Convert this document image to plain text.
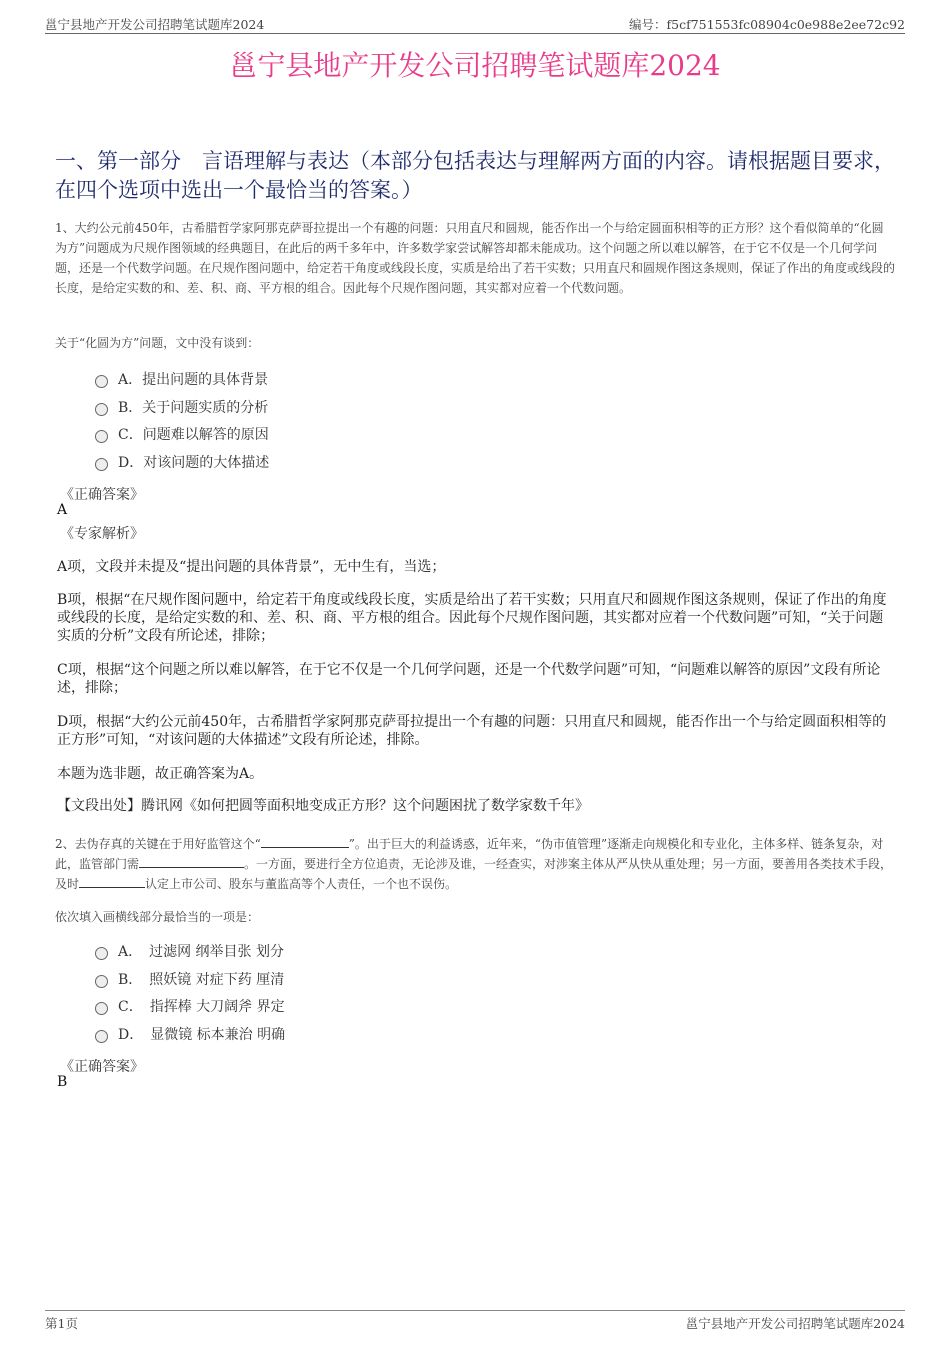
邕宁县地产开发公司招聘笔试题库2024	编号：f5cf751553fc08904c0e988e2ee72c92
邕宁县地产开发公司招聘笔试题库2024
一、第一部分　言语理解与表达（本部分包括表达与理解两方面的内容。请根据题目要求，在四个选项中选出一个最恰当的答案。）
1、大约公元前450年，古希腊哲学家阿那克萨哥拉提出一个有趣的问题：只用直尺和圆规，能否作出一个与给定圆面积相等的正方形？这个看似简单的“化圆为方”问题成为尺规作图领域的经典题目，在此后的两千多年中，许多数学家尝试解答却都未能成功。这个问题之所以难以解答，在于它不仅是一个几何学问题，还是一个代数学问题。在尺规作图问题中，给定若干角度或线段长度，实质是给出了若干实数；只用直尺和圆规作图这条规则，保证了作出的角度或线段的长度，是给定实数的和、差、积、商、平方根的组合。因此每个尺规作图问题，其实都对应着一个代数问题。
关于“化圆为方”问题，文中没有谈到：
A．提出问题的具体背景
B．关于问题实质的分析
C．问题难以解答的原因
D．对该问题的大体描述
《正确答案》
A
《专家解析》
A项，文段并未提及“提出问题的具体背景”，无中生有，当选；
B项，根据“在尺规作图问题中，给定若干角度或线段长度，实质是给出了若干实数；只用直尺和圆规作图这条规则，保证了作出的角度或线段的长度，是给定实数的和、差、积、商、平方根的组合。因此每个尺规作图问题，其实都对应着一个代数问题”可知，“关于问题实质的分析”文段有所论述，排除；
C项，根据“这个问题之所以难以解答，在于它不仅是一个几何学问题，还是一个代数学问题”可知，“问题难以解答的原因”文段有所论述，排除；
D项，根据“大约公元前450年，古希腊哲学家阿那克萨哥拉提出一个有趣的问题：只用直尺和圆规，能否作出一个与给定圆面积相等的正方形”可知，“对该问题的大体描述”文段有所论述，排除。
本题为选非题，故正确答案为A。
【文段出处】腾讯网《如何把圆等面积地变成正方形？这个问题困扰了数学家数千年》
2、去伪存真的关键在于用好监管这个“	”。出于巨大的利益诱惑，近年来，“伪市值管理”逐渐走向规模化和专业化，主体多样、链条复杂，对此，监管部门需	。一方面，要进行全方位追责，无论涉及谁，一经查实，对涉案主体从严从快从重处理；另一方面，要善用各类技术手段，及时	认定上市公司、股东与董监高等个人责任，一个也不误伤。
依次填入画横线部分最恰当的一项是：
A．　过滤网 纲举目张 划分
B．　照妖镜 对症下药 厘清
C．　指挥棒 大刀阔斧 界定
D．　显微镜 标本兼治 明确
《正确答案》
B
第1页	邕宁县地产开发公司招聘笔试题库2024
